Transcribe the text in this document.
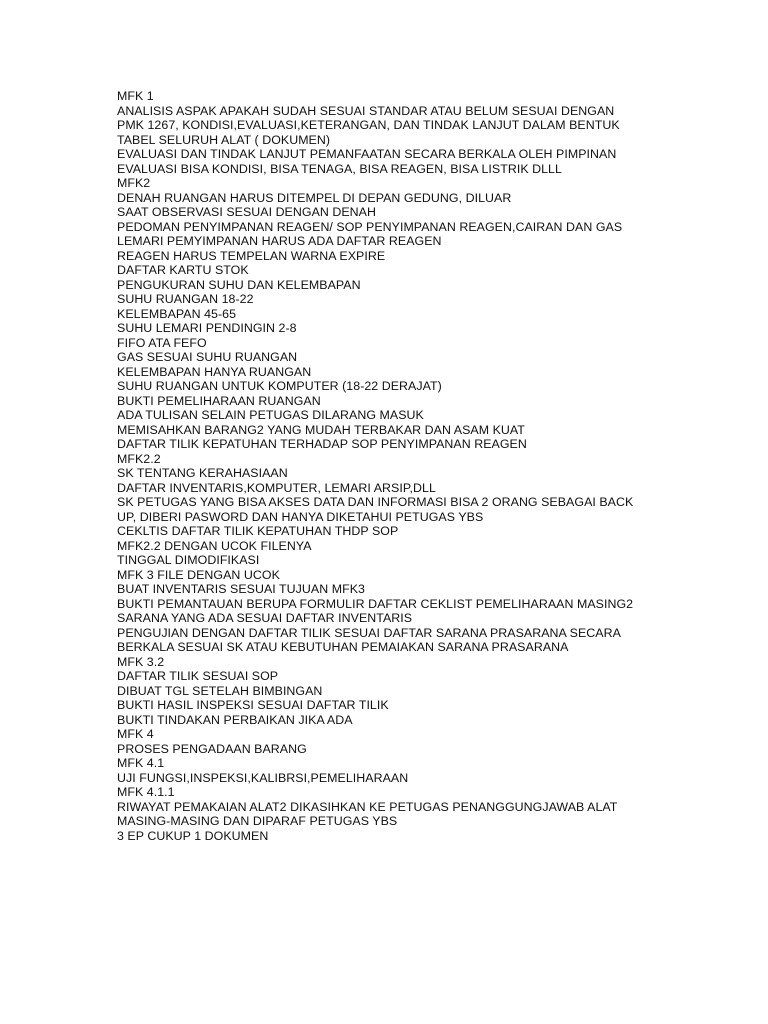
MFK 1
ANALISIS ASPAK APAKAH SUDAH SESUAI STANDAR ATAU BELUM SESUAI DENGAN
PMK 1267, KONDISI,EVALUASI,KETERANGAN, DAN TINDAK LANJUT DALAM BENTUK
TABEL SELURUH ALAT ( DOKUMEN)
EVALUASI DAN TINDAK LANJUT PEMANFAATAN SECARA BERKALA OLEH PIMPINAN
EVALUASI BISA KONDISI, BISA TENAGA, BISA REAGEN, BISA LISTRIK DLLL
MFK2
DENAH RUANGAN HARUS DITEMPEL DI DEPAN GEDUNG, DILUAR
SAAT OBSERVASI SESUAI DENGAN DENAH
PEDOMAN PENYIMPANAN REAGEN/ SOP PENYIMPANAN REAGEN,CAIRAN DAN GAS
LEMARI PEMYIMPANAN HARUS ADA DAFTAR REAGEN
REAGEN HARUS TEMPELAN WARNA EXPIRE
DAFTAR KARTU STOK
PENGUKURAN SUHU DAN KELEMBAPAN
SUHU RUANGAN 18-22
KELEMBAPAN 45-65
SUHU LEMARI PENDINGIN 2-8
FIFO ATA FEFO
GAS SESUAI SUHU RUANGAN
KELEMBAPAN HANYA RUANGAN
SUHU RUANGAN UNTUK KOMPUTER (18-22 DERAJAT)
BUKTI PEMELIHARAAN RUANGAN
ADA TULISAN SELAIN PETUGAS DILARANG MASUK
MEMISAHKAN BARANG2 YANG MUDAH TERBAKAR DAN ASAM KUAT
DAFTAR TILIK KEPATUHAN TERHADAP SOP PENYIMPANAN REAGEN
MFK2.2
SK TENTANG KERAHASIAAN
DAFTAR INVENTARIS,KOMPUTER, LEMARI ARSIP,DLL
SK PETUGAS YANG BISA AKSES DATA DAN INFORMASI BISA 2 ORANG SEBAGAI BACK
UP, DIBERI PASWORD DAN HANYA DIKETAHUI PETUGAS YBS
CEKLTIS DAFTAR TILIK KEPATUHAN THDP SOP
MFK2.2 DENGAN UCOK FILENYA
TINGGAL DIMODIFIKASI
MFK 3 FILE DENGAN UCOK
BUAT INVENTARIS SESUAI TUJUAN MFK3
BUKTI PEMANTAUAN BERUPA FORMULIR DAFTAR CEKLIST PEMELIHARAAN MASING2
SARANA YANG ADA SESUAI DAFTAR INVENTARIS
PENGUJIAN DENGAN DAFTAR TILIK SESUAI DAFTAR SARANA PRASARANA SECARA
BERKALA SESUAI SK ATAU KEBUTUHAN PEMAIAKAN SARANA PRASARANA
MFK 3.2
DAFTAR TILIK SESUAI SOP
DIBUAT TGL SETELAH BIMBINGAN
BUKTI HASIL INSPEKSI SESUAI DAFTAR TILIK
BUKTI TINDAKAN PERBAIKAN JIKA ADA
MFK 4
PROSES PENGADAAN BARANG
MFK 4.1
UJI FUNGSI,INSPEKSI,KALIBRSI,PEMELIHARAAN
MFK 4.1.1
RIWAYAT PEMAKAIAN ALAT2 DIKASIHKAN KE PETUGAS PENANGGUNGJAWAB ALAT
MASING-MASING DAN DIPARAF PETUGAS YBS
3 EP CUKUP 1 DOKUMEN
